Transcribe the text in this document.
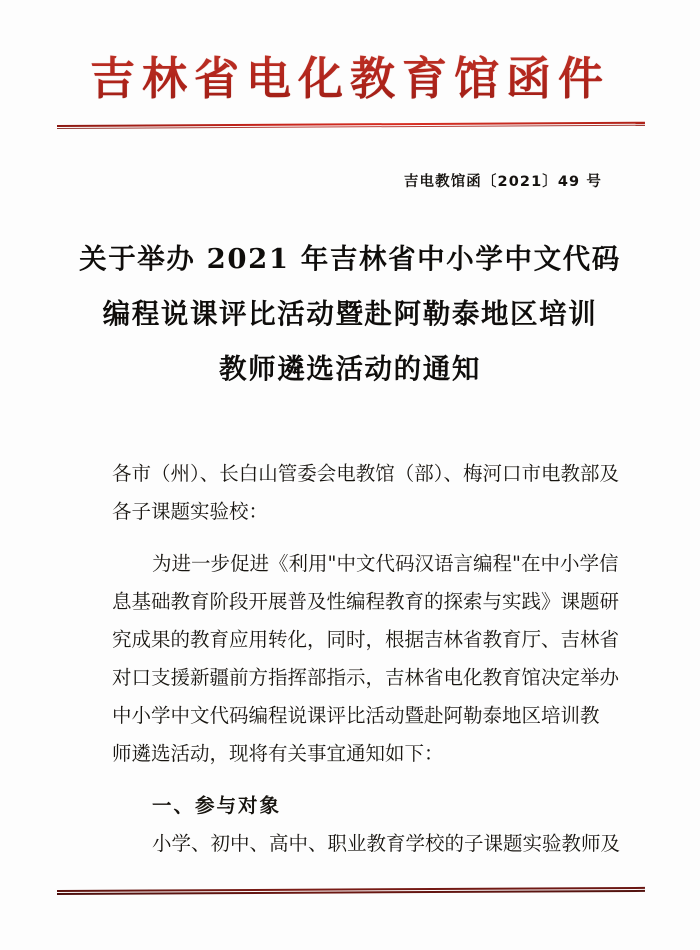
吉林省电化教育馆函件
吉电教馆函〔2021〕49 号
关于举办 2021 年吉林省中小学中文代码
编程说课评比活动暨赴阿勒泰地区培训
教师遴选活动的通知
各市（州）、长白山管委会电教馆（部）、梅河口市电教部及
各子课题实验校：
为进一步促进《利用"中文代码汉语言编程"在中小学信
息基础教育阶段开展普及性编程教育的探索与实践》课题研
究成果的教育应用转化，同时，根据吉林省教育厅、吉林省
对口支援新疆前方指挥部指示，吉林省电化教育馆决定举办
中小学中文代码编程说课评比活动暨赴阿勒泰地区培训教
师遴选活动，现将有关事宜通知如下：
一、参与对象
小学、初中、高中、职业教育学校的子课题实验教师及
